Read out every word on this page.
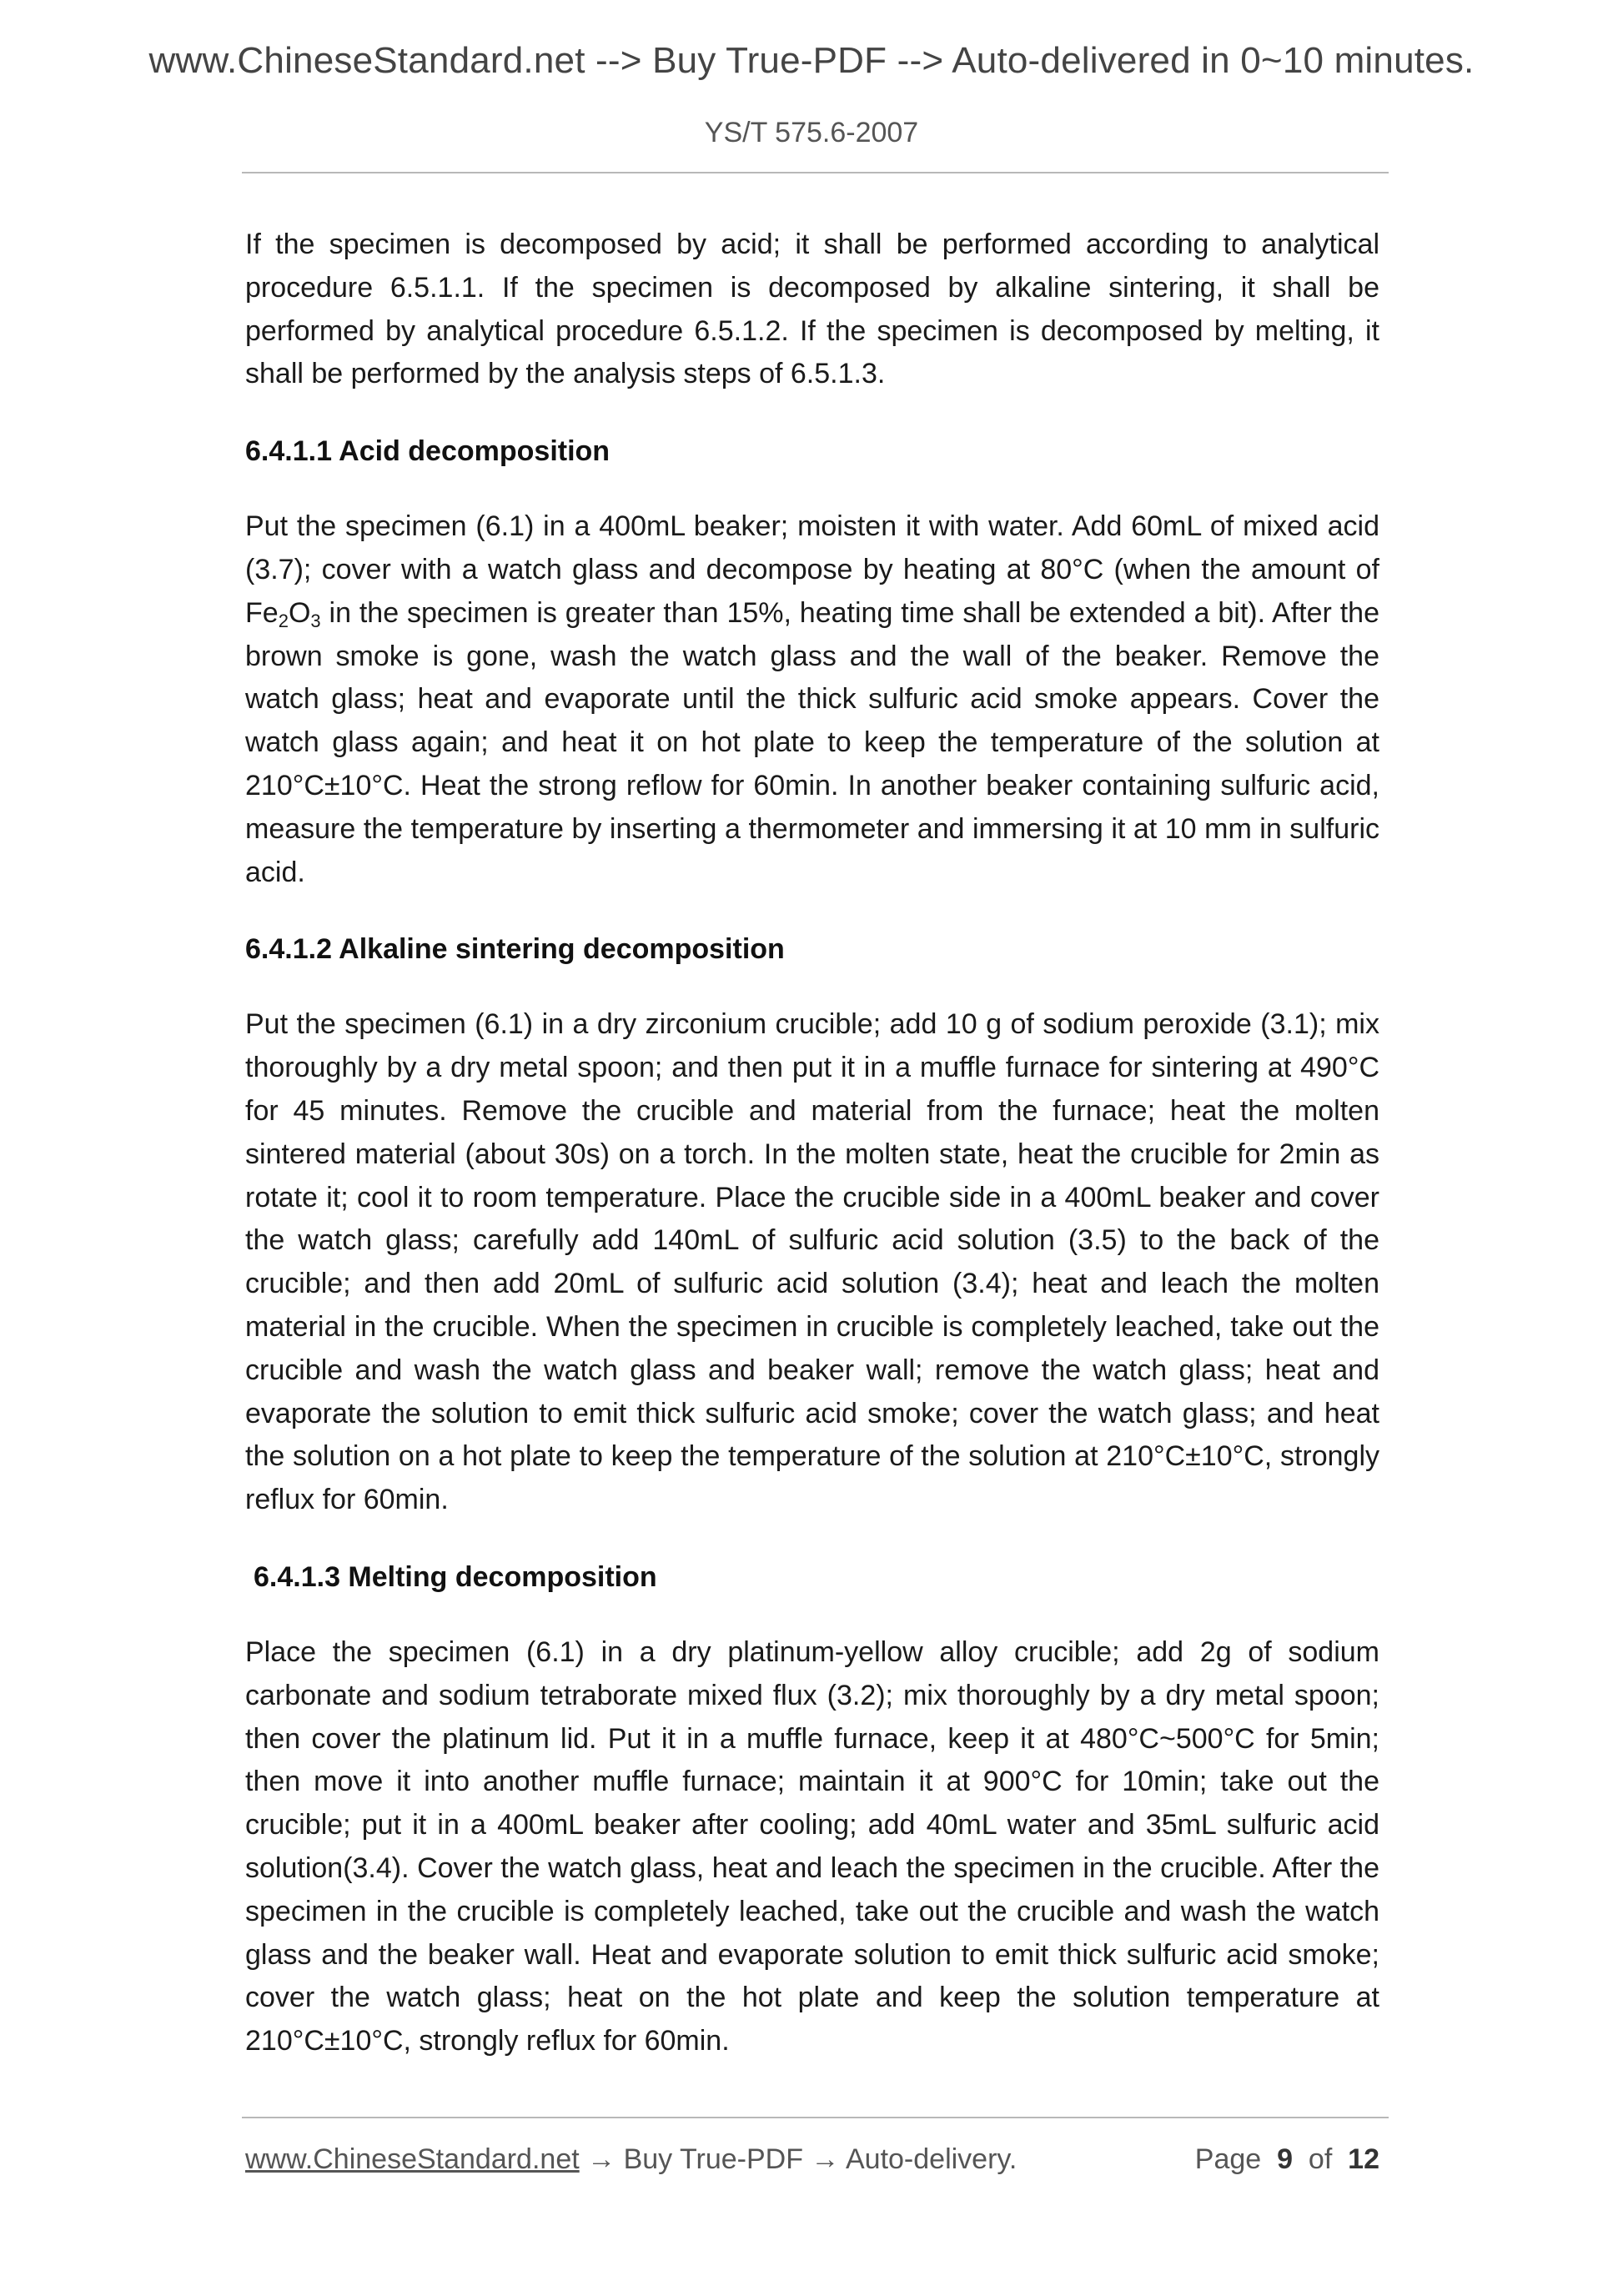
www.ChineseStandard.net --> Buy True-PDF --> Auto-delivered in 0~10 minutes.
YS/T 575.6-2007

If the specimen is decomposed by acid; it shall be performed according to analytical procedure 6.5.1.1. If the specimen is decomposed by alkaline sintering, it shall be performed by analytical procedure 6.5.1.2. If the specimen is decomposed by melting, it shall be performed by the analysis steps of 6.5.1.3.

6.4.1.1 Acid decomposition

Put the specimen (6.1) in a 400mL beaker; moisten it with water. Add 60mL of mixed acid (3.7); cover with a watch glass and decompose by heating at 80°C (when the amount of $Fe_2O_3$ in the specimen is greater than 15%, heating time shall be extended a bit). After the brown smoke is gone, wash the watch glass and the wall of the beaker. Remove the watch glass; heat and evaporate until the thick sulfuric acid smoke appears. Cover the watch glass again; and heat it on hot plate to keep the temperature of the solution at 210°C±10°C. Heat the strong reflow for 60min. In another beaker containing sulfuric acid, measure the temperature by inserting a thermometer and immersing it at 10 mm in sulfuric acid.

6.4.1.2 Alkaline sintering decomposition

Put the specimen (6.1) in a dry zirconium crucible; add 10 g of sodium peroxide (3.1); mix thoroughly by a dry metal spoon; and then put it in a muffle furnace for sintering at 490°C for 45 minutes. Remove the crucible and material from the furnace; heat the molten sintered material (about 30s) on a torch. In the molten state, heat the crucible for 2min as rotate it; cool it to room temperature. Place the crucible side in a 400mL beaker and cover the watch glass; carefully add 140mL of sulfuric acid solution (3.5) to the back of the crucible; and then add 20mL of sulfuric acid solution (3.4); heat and leach the molten material in the crucible. When the specimen in crucible is completely leached, take out the crucible and wash the watch glass and beaker wall; remove the watch glass; heat and evaporate the solution to emit thick sulfuric acid smoke; cover the watch glass; and heat the solution on a hot plate to keep the temperature of the solution at 210°C±10°C, strongly reflux for 60min.

6.4.1.3 Melting decomposition

Place the specimen (6.1) in a dry platinum-yellow alloy crucible; add 2g of sodium carbonate and sodium tetraborate mixed flux (3.2); mix thoroughly by a dry metal spoon; then cover the platinum lid. Put it in a muffle furnace, keep it at 480°C~500°C for 5min; then move it into another muffle furnace; maintain it at 900°C for 10min; take out the crucible; put it in a 400mL beaker after cooling; add 40mL water and 35mL sulfuric acid solution(3.4). Cover the watch glass, heat and leach the specimen in the crucible. After the specimen in the crucible is completely leached, take out the crucible and wash the watch glass and the beaker wall. Heat and evaporate solution to emit thick sulfuric acid smoke; cover the watch glass; heat on the hot plate and keep the solution temperature at 210°C±10°C, strongly reflux for 60min.

www.ChineseStandard.net → Buy True-PDF → Auto-delivery.	Page 9 of 12
